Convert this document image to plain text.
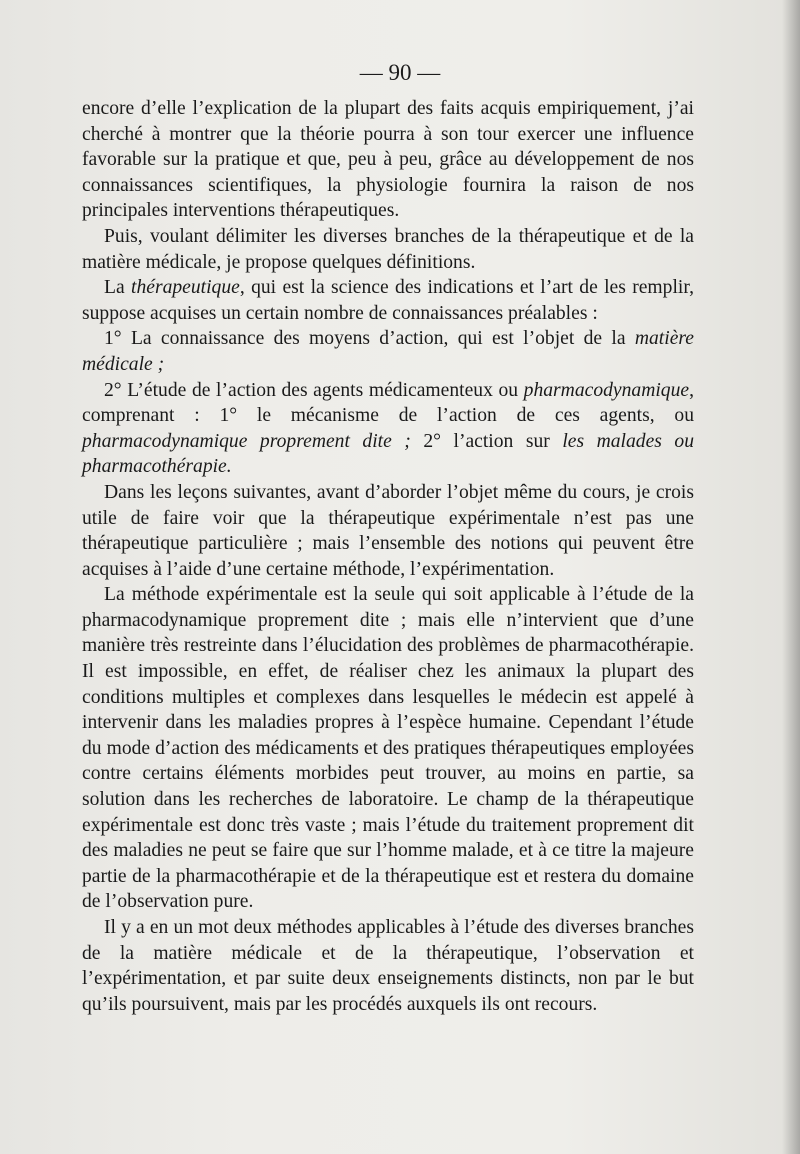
— 90 —

encore d’elle l’explication de la plupart des faits acquis empiriquement, j’ai cherché à montrer que la théorie pourra à son tour exercer une influence favorable sur la pratique et que, peu à peu, grâce au développement de nos connaissances scientifiques, la physiologie fournira la raison de nos principales interventions thérapeutiques.

Puis, voulant délimiter les diverses branches de la thérapeutique et de la matière médicale, je propose quelques définitions.

La thérapeutique, qui est la science des indications et l’art de les remplir, suppose acquises un certain nombre de connaissances préalables :

1° La connaissance des moyens d’action, qui est l’objet de la matière médicale ;

2° L’étude de l’action des agents médicamenteux ou pharmacodynamique, comprenant : 1° le mécanisme de l’action de ces agents, ou pharmacodynamique proprement dite ; 2° l’action sur les malades ou pharmacothérapie.

Dans les leçons suivantes, avant d’aborder l’objet même du cours, je crois utile de faire voir que la thérapeutique expérimentale n’est pas une thérapeutique particulière ; mais l’ensemble des notions qui peuvent être acquises à l’aide d’une certaine méthode, l’expérimentation.

La méthode expérimentale est la seule qui soit applicable à l’étude de la pharmacodynamique proprement dite ; mais elle n’intervient que d’une manière très restreinte dans l’élucidation des problèmes de pharmacothérapie. Il est impossible, en effet, de réaliser chez les animaux la plupart des conditions multiples et complexes dans lesquelles le médecin est appelé à intervenir dans les maladies propres à l’espèce humaine. Cependant l’étude du mode d’action des médicaments et des pratiques thérapeutiques employées contre certains éléments morbides peut trouver, au moins en partie, sa solution dans les recherches de laboratoire. Le champ de la thérapeutique expérimentale est donc très vaste ; mais l’étude du traitement proprement dit des maladies ne peut se faire que sur l’homme malade, et à ce titre la majeure partie de la pharmacothérapie et de la thérapeutique est et restera du domaine de l’observation pure.

Il y a en un mot deux méthodes applicables à l’étude des diverses branches de la matière médicale et de la thérapeutique, l’observation et l’expérimentation, et par suite deux enseignements distincts, non par le but qu’ils poursuivent, mais par les procédés auxquels ils ont recours.
